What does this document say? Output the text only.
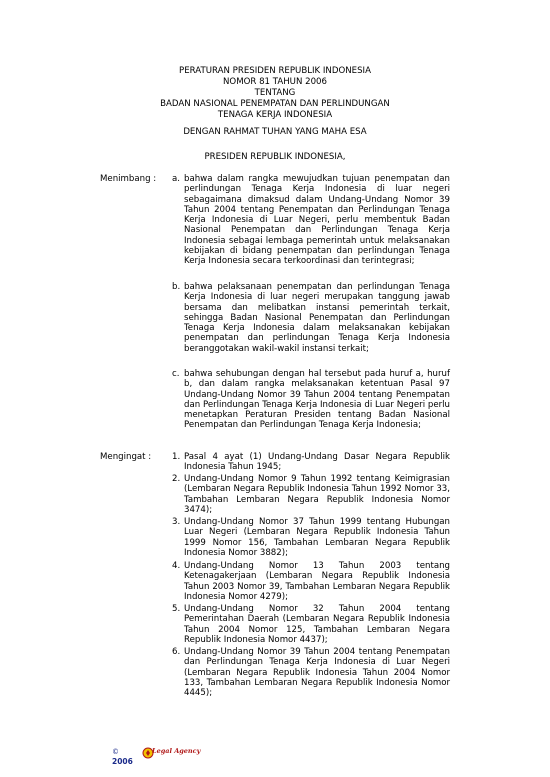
PERATURAN PRESIDEN REPUBLIK INDONESIA
NOMOR 81 TAHUN 2006
TENTANG
BADAN NASIONAL PENEMPATAN DAN PERLINDUNGAN
TENAGA KERJA INDONESIA
DENGAN RAHMAT TUHAN YANG MAHA ESA
PRESIDEN REPUBLIK INDONESIA,
Menimbang : a. bahwa dalam rangka mewujudkan tujuan penempatan dan perlindungan Tenaga Kerja Indonesia di luar negeri sebagaimana dimaksud dalam Undang-Undang Nomor 39 Tahun 2004 tentang Penempatan dan Perlindungan Tenaga Kerja Indonesia di Luar Negeri, perlu membentuk Badan Nasional Penempatan dan Perlindungan Tenaga Kerja Indonesia sebagai lembaga pemerintah untuk melaksanakan kebijakan di bidang penempatan dan perlindungan Tenaga Kerja Indonesia secara terkoordinasi dan terintegrasi;
b. bahwa pelaksanaan penempatan dan perlindungan Tenaga Kerja Indonesia di luar negeri merupakan tanggung jawab bersama dan melibatkan instansi pemerintah terkait, sehingga Badan Nasional Penempatan dan Perlindungan Tenaga Kerja Indonesia dalam melaksanakan kebijakan penempatan dan perlindungan Tenaga Kerja Indonesia beranggotakan wakil-wakil instansi terkait;
c. bahwa sehubungan dengan hal tersebut pada huruf a, huruf b, dan dalam rangka melaksanakan ketentuan Pasal 97 Undang-Undang Nomor 39 Tahun 2004 tentang Penempatan dan Perlindungan Tenaga Kerja Indonesia di Luar Negeri perlu menetapkan Peraturan Presiden tentang Badan Nasional Penempatan dan Perlindungan Tenaga Kerja Indonesia;
Mengingat : 1. Pasal 4 ayat (1) Undang-Undang Dasar Negara Republik Indonesia Tahun 1945;
2. Undang-Undang Nomor 9 Tahun 1992 tentang Keimigrasian (Lembaran Negara Republik Indonesia Tahun 1992 Nomor 33, Tambahan Lembaran Negara Republik Indonesia Nomor 3474);
3. Undang-Undang Nomor 37 Tahun 1999 tentang Hubungan Luar Negeri (Lembaran Negara Republik Indonesia Tahun 1999 Nomor 156, Tambahan Lembaran Negara Republik Indonesia Nomor 3882);
4. Undang-Undang Nomor 13 Tahun 2003 tentang Ketenagakerjaan (Lembaran Negara Republik Indonesia Tahun 2003 Nomor 39, Tambahan Lembaran Negara Republik Indonesia Nomor 4279);
5. Undang-Undang Nomor 32 Tahun 2004 tentang Pemerintahan Daerah (Lembaran Negara Republik Indonesia Tahun 2004 Nomor 125, Tambahan Lembaran Negara Republik Indonesia Nomor 4437);
6. Undang-Undang Nomor 39 Tahun 2004 tentang Penempatan dan Perlindungan Tenaga Kerja Indonesia di Luar Negeri (Lembaran Negara Republik Indonesia Tahun 2004 Nomor 133, Tambahan Lembaran Negara Republik Indonesia Nomor 4445);
©
2006
Legal Agency
